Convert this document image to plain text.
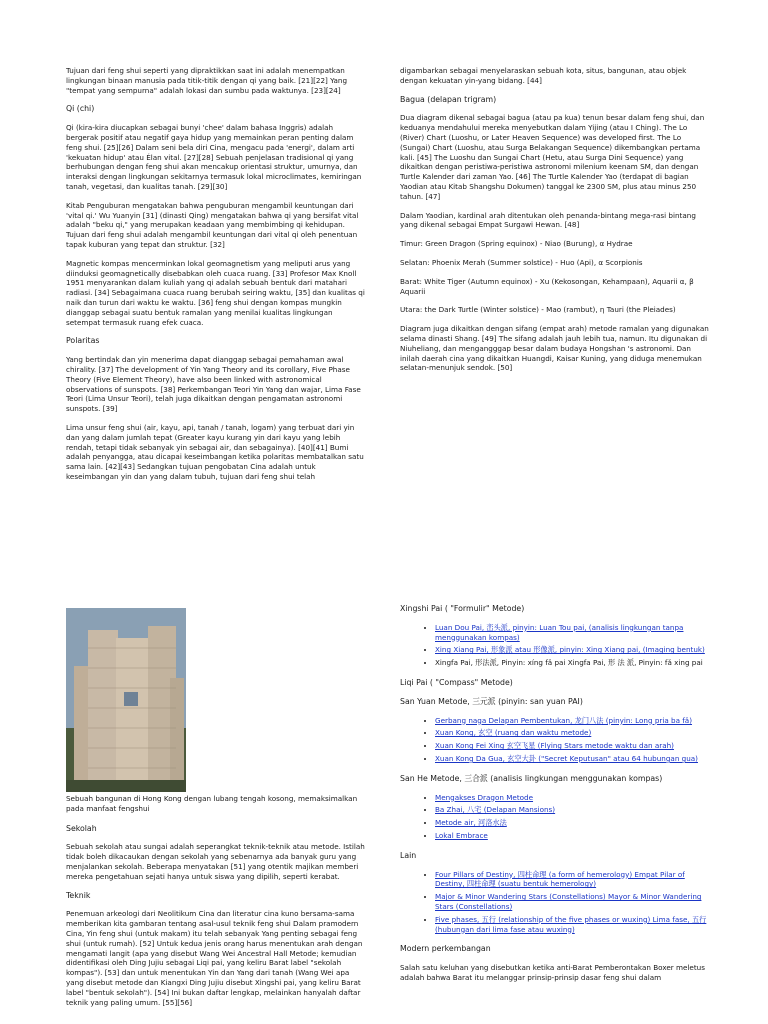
Tujuan dari feng shui seperti yang dipraktikkan saat ini adalah menempatkan lingkungan binaan manusia pada titik-titik dengan qi yang baik. [21][22] Yang "tempat yang sempurna" adalah lokasi dan sumbu pada waktunya. [23][24]

Qi (chi)

Qi (kira-kira diucapkan sebagai bunyi 'chee' dalam bahasa Inggris) adalah bergerak positif atau negatif gaya hidup yang memainkan peran penting dalam feng shui. [25][26] Dalam seni bela diri Cina, mengacu pada 'energi', dalam arti 'kekuatan hidup' atau Élan vital. [27][28] Sebuah penjelasan tradisional qi yang berhubungan dengan feng shui akan mencakup orientasi struktur, umurnya, dan interaksi dengan lingkungan sekitarnya termasuk lokal microclimates, kemiringan tanah, vegetasi, dan kualitas tanah. [29][30]

Kitab Penguburan mengatakan bahwa penguburan mengambil keuntungan dari 'vital qi.' Wu Yuanyin [31] (dinasti Qing) mengatakan bahwa qi yang bersifat vital adalah "beku qi," yang merupakan keadaan yang membimbing qi kehidupan. Tujuan dari feng shui adalah mengambil keuntungan dari vital qi oleh penentuan tapak kuburan yang tepat dan struktur. [32]

Magnetic kompas mencerminkan lokal geomagnetism yang meliputi arus yang diinduksi geomagnetically disebabkan oleh cuaca ruang. [33] Profesor Max Knoll 1951 menyarankan dalam kuliah yang qi adalah sebuah bentuk dari matahari radiasi. [34] Sebagaimana cuaca ruang berubah seiring waktu, [35] dan kualitas qi naik dan turun dari waktu ke waktu. [36] feng shui dengan kompas mungkin dianggap sebagai suatu bentuk ramalan yang menilai kualitas lingkungan setempat termasuk ruang efek cuaca.

Polaritas

Yang bertindak dan yin menerima dapat dianggap sebagai pemahaman awal chirality. [37] The development of Yin Yang Theory and its corollary, Five Phase Theory (Five Element Theory), have also been linked with astronomical observations of sunspots. [38] Perkembangan Teori Yin Yang dan wajar, Lima Fase Teori (Lima Unsur Teori), telah juga dikaitkan dengan pengamatan astronomi sunspots. [39]

Lima unsur feng shui (air, kayu, api, tanah / tanah, logam) yang terbuat dari yin dan yang dalam jumlah tepat (Greater kayu kurang yin dari kayu yang lebih rendah, tetapi tidak sebanyak yin sebagai air, dan sebagainya). [40][41] Bumi adalah penyangga, atau dicapai keseimbangan ketika polaritas membatalkan satu sama lain. [42][43] Sedangkan tujuan pengobatan Cina adalah untuk keseimbangan yin dan yang dalam tubuh, tujuan dari feng shui telah

digambarkan sebagai menyelaraskan sebuah kota, situs, bangunan, atau objek dengan kekuatan yin-yang bidang. [44]

Bagua (delapan trigram)

Dua diagram dikenal sebagai bagua (atau pa kua) tenun besar dalam feng shui, dan keduanya mendahului mereka menyebutkan dalam Yijing (atau I Ching). The Lo (River) Chart (Luoshu, or Later Heaven Sequence) was developed first. The Lo (Sungai) Chart (Luoshu, atau Surga Belakangan Sequence) dikembangkan pertama kali. [45] The Luoshu dan Sungai Chart (Hetu, atau Surga Dini Sequence) yang dikaitkan dengan peristiwa-peristiwa astronomi milenium keenam SM, dan dengan Turtle Kalender dari zaman Yao. [46] The Turtle Kalender Yao (terdapat di bagian Yaodian atau Kitab Shangshu Dokumen) tanggal ke 2300 SM, plus atau minus 250 tahun. [47]

Dalam Yaodian, kardinal arah ditentukan oleh penanda-bintang mega-rasi bintang yang dikenal sebagai Empat Surgawi Hewan. [48]

Timur: Green Dragon (Spring equinox) - Niao (Burung), α Hydrae

Selatan: Phoenix Merah (Summer solstice) - Huo (Api), α Scorpionis

Barat: White Tiger (Autumn equinox) - Xu (Kekosongan, Kehampaan), Aquarii α, β Aquarii

Utara: the Dark Turtle (Winter solstice) - Mao (rambut), η Tauri (the Pleiades)

Diagram juga dikaitkan dengan sifang (empat arah) metode ramalan yang digunakan selama dinasti Shang. [49] The sifang adalah jauh lebih tua, namun. Itu digunakan di Niuheliang, dan mengangggap besar dalam budaya Hongshan 's astronomi. Dan inilah daerah cina yang dikaitkan Huangdi, Kaisar Kuning, yang diduga menemukan selatan-menunjuk sendok. [50]

Sebuah bangunan di Hong Kong dengan lubang tengah kosong, memaksimalkan pada manfaat fengshui

Sekolah

Sebuah sekolah atau sungai adalah seperangkat teknik-teknik atau metode. Istilah tidak boleh dikacaukan dengan sekolah yang sebenarnya ada banyak guru yang menjalankan sekolah. Beberapa menyatakan [51] yang otentik majikan memberi mereka pengetahuan sejati hanya untuk siswa yang dipilih, seperti kerabat.

Teknik

Penemuan arkeologi dari Neolitikum Cina dan literatur cina kuno bersama-sama memberikan kita gambaran tentang asal-usul teknik feng shui Dalam pramodern Cina, Yin feng shui (untuk makam) itu telah sebanyak Yang penting sebagai feng shui (untuk rumah). [52] Untuk kedua jenis orang harus menentukan arah dengan mengamati langit (apa yang disebut Wang Wei Ancestral Hall Metode; kemudian didentifikasi oleh Ding Jujiu sebagai Liqi pai, yang keliru Barat label "sekolah kompas"). [53] dan untuk menentukan Yin dan Yang dari tanah (Wang Wei apa yang disebut metode dan Kiangxi Ding Jujiu disebut Xingshi pai, yang keliru Barat label "bentuk sekolah"). [54] Ini bukan daftar lengkap, melainkan hanyalah daftar teknik yang paling umum. [55][56]

Xingshi Pai ( "Formulir" Metode)
• Luan Dou Pai, 峦头派, pinyin: Luan Tou pai, (analisis lingkungan tanpa menggunakan kompas)
• Xing Xiang Pai, 形象派 atau 形像派, pinyin: Xing Xiang pai, (Imaging bentuk)
• Xingfa Pai, 形法派, Pinyin: xíng fǎ pai Xingfa Pai, 形 法 派, Pinyin: fǎ xing pai
Liqi Pai ( "Compass" Metode)
San Yuan Metode, 三元派 (pinyin: san yuan PAI)
• Gerbang naga Delapan Pembentukan, 龙门八法 (pinyin: Long pria ba fǎ)
• Xuan Kong, 玄空 (ruang dan waktu metode)
• Xuan Kong Fei Xing 玄空飞星 (Flying Stars metode waktu dan arah)
• Xuan Kong Da Gua, 玄空大卦 ("Secret Keputusan" atau 64 hubungan gua)
San He Metode, 三合派 (analisis lingkungan menggunakan kompas)
• Mengakses Dragon Metode
• Ba Zhai, 八宅 (Delapan Mansions)
• Metode air, 河洛水法
• Lokal Embrace
Lain
• Four Pillars of Destiny, 四柱命理 (a form of hemerology) Empat Pilar of Destiny, 四柱命理 (suatu bentuk hemerology)
• Major & Minor Wandering Stars (Constellations) Mayor & Minor Wandering Stars (Constellations)
• Five phases, 五行 (relationship of the five phases or wuxing) Lima fase, 五行 (hubungan dari lima fase atau wuxing)
Modern perkembangan

Salah satu keluhan yang disebutkan ketika anti-Barat Pemberontakan Boxer meletus adalah bahwa Barat itu melanggar prinsip-prinsip dasar feng shui dalam
